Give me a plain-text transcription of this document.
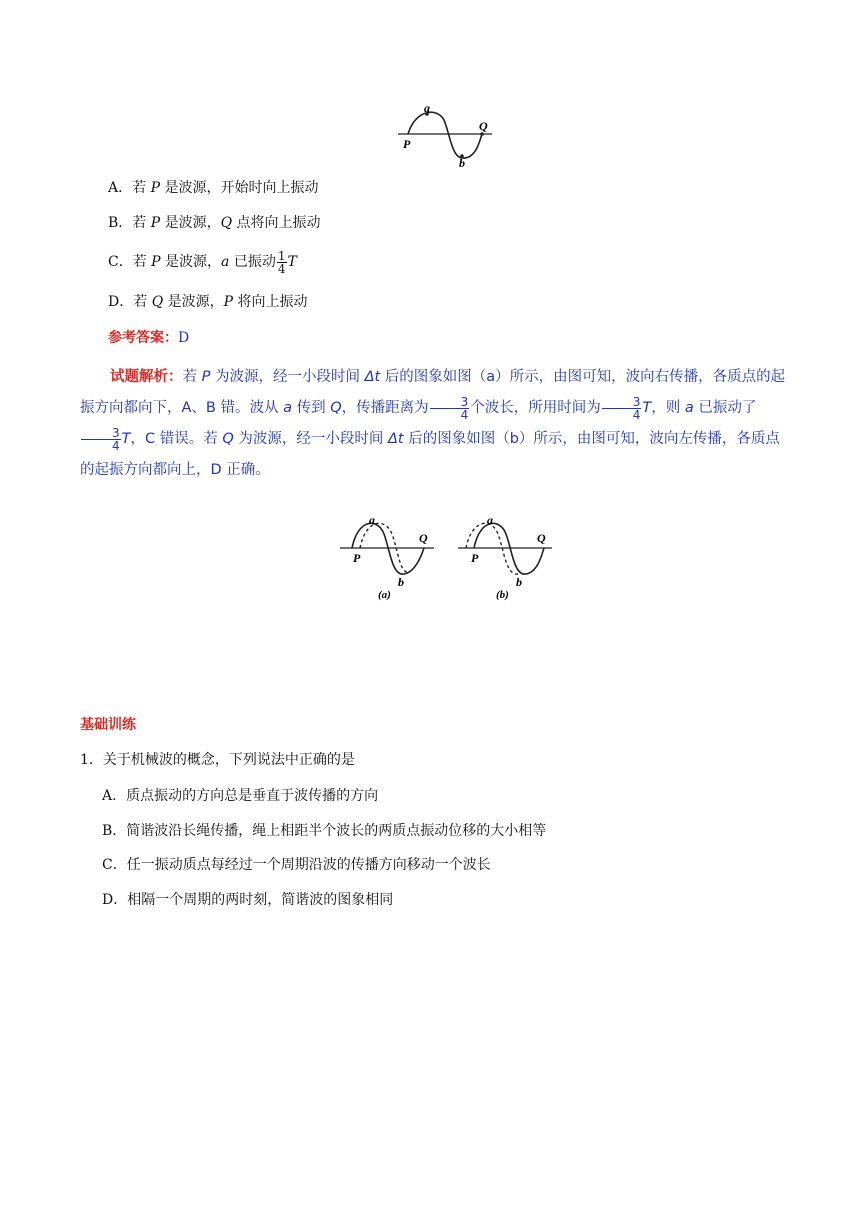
a
b
P
Q
A．若 P 是波源，开始时向上振动
B．若 P 是波源，Q 点将向上振动
C．若 P 是波源，a 已振动 $\frac{1}{4}$ T
D．若 Q 是波源，P 将向上振动
参考答案：D
试题解析：若 P 为波源，经一小段时间 Δt 后的图象如图（a）所示，由图可知，波向右传播，各质点的起振方向都向下，A、B 错。波从 a 传到 Q，传播距离为 $\frac{3}{4}$ 个波长，所用时间为 $\frac{3}{4}$ T，则 a 已振动了
$\frac{3}{4}$ T，C 错误。若 Q 为波源，经一小段时间 Δt 后的图象如图（b）所示，由图可知，波向左传播，各质点的起振方向都向上，D 正确。
a
b
P
Q
(a)
a
b
P
Q
(b)
基础训练
1．关于机械波的概念，下列说法中正确的是
A．质点振动的方向总是垂直于波传播的方向
B．简谐波沿长绳传播，绳上相距半个波长的两质点振动位移的大小相等
C．任一振动质点每经过一个周期沿波的传播方向移动一个波长
D．相隔一个周期的两时刻，简谐波的图象相同
